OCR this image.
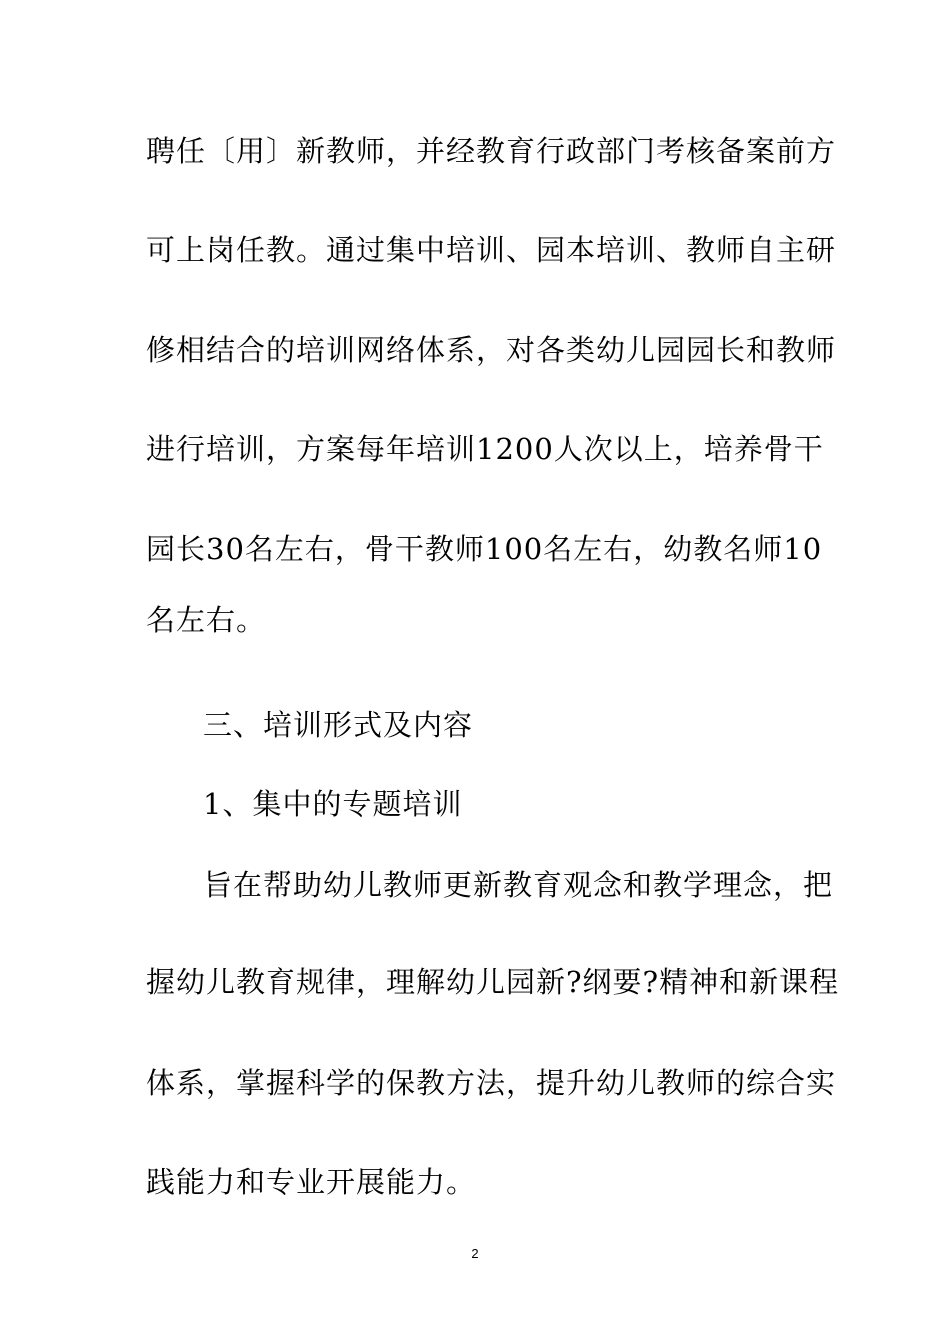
聘任〔用〕新教师，并经教育行政部门考核备案前方
可上岗任教。通过集中培训、园本培训、教师自主研
修相结合的培训网络体系，对各类幼儿园园长和教师
进行培训，方案每年培训1200人次以上，培养骨干
园长30名左右，骨干教师100名左右，幼教名师10
名左右。
三、培训形式及内容
1、集中的专题培训
旨在帮助幼儿教师更新教育观念和教学理念，把
握幼儿教育规律，理解幼儿园新?纲要?精神和新课程
体系，掌握科学的保教方法，提升幼儿教师的综合实
践能力和专业开展能力。
2
